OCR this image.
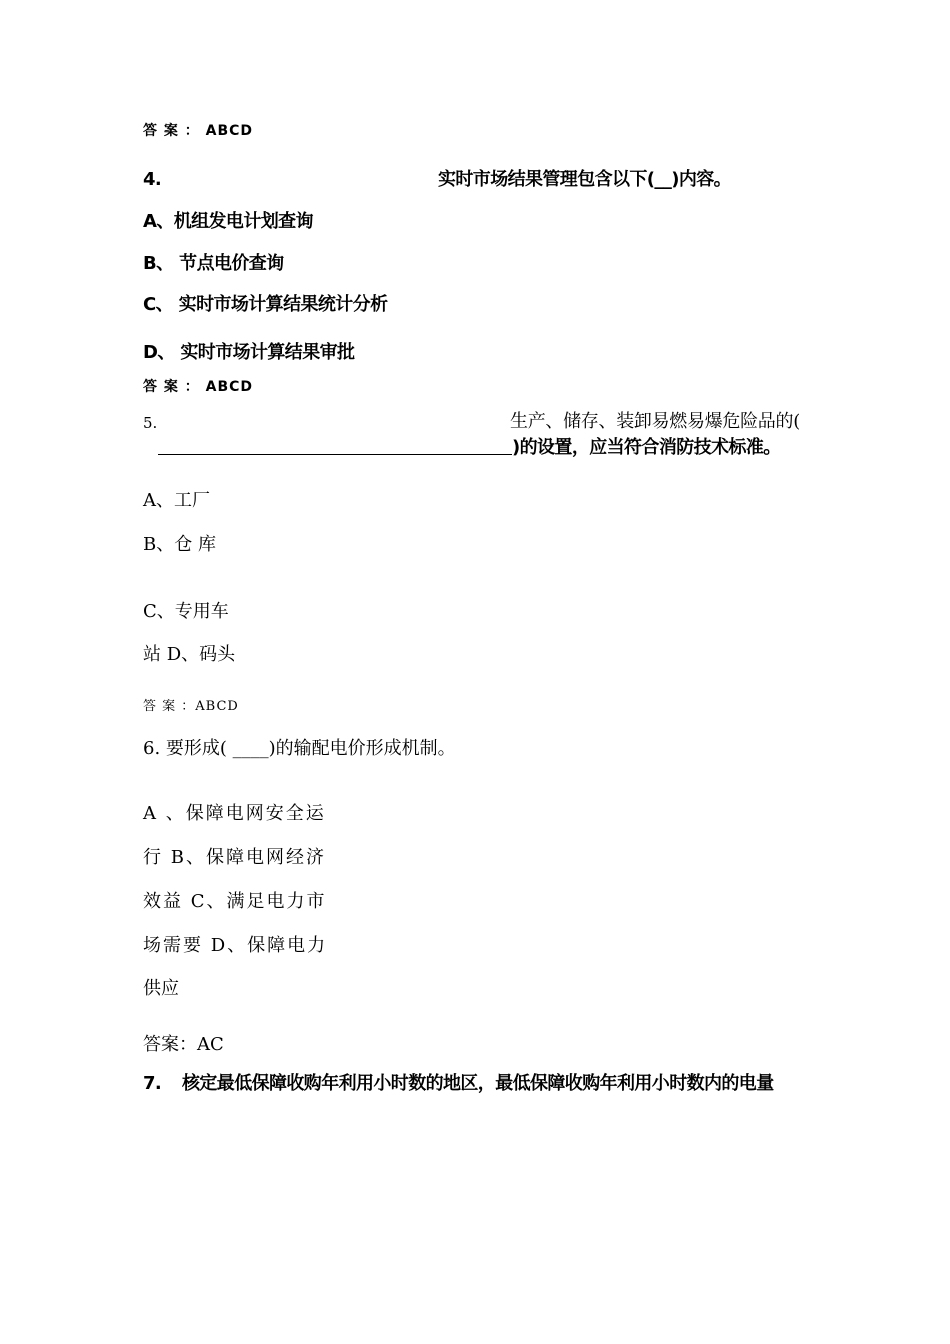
答 案 ： ABCD
4.	实时市场结果管理包含以下(__)内容。
A、机组发电计划查询
B、 节点电价查询
C、 实时市场计算结果统计分析
D、 实时市场计算结果审批
答 案 ： ABCD
5.	生产、储存、装卸易燃易爆危险品的(
)的设置，应当符合消防技术标准。
A、工厂
B、仓 库
C、专用车
站 D、码头
答 案 ：ABCD
6. 要形成( ____)的输配电价形成机制。
A 、保障电网安全运
行 B、保障电网经济
效益 C、满足电力市
场需要 D、保障电力
供应
答案：AC
7. 核定最低保障收购年利用小时数的地区，最低保障收购年利用小时数内的电量
